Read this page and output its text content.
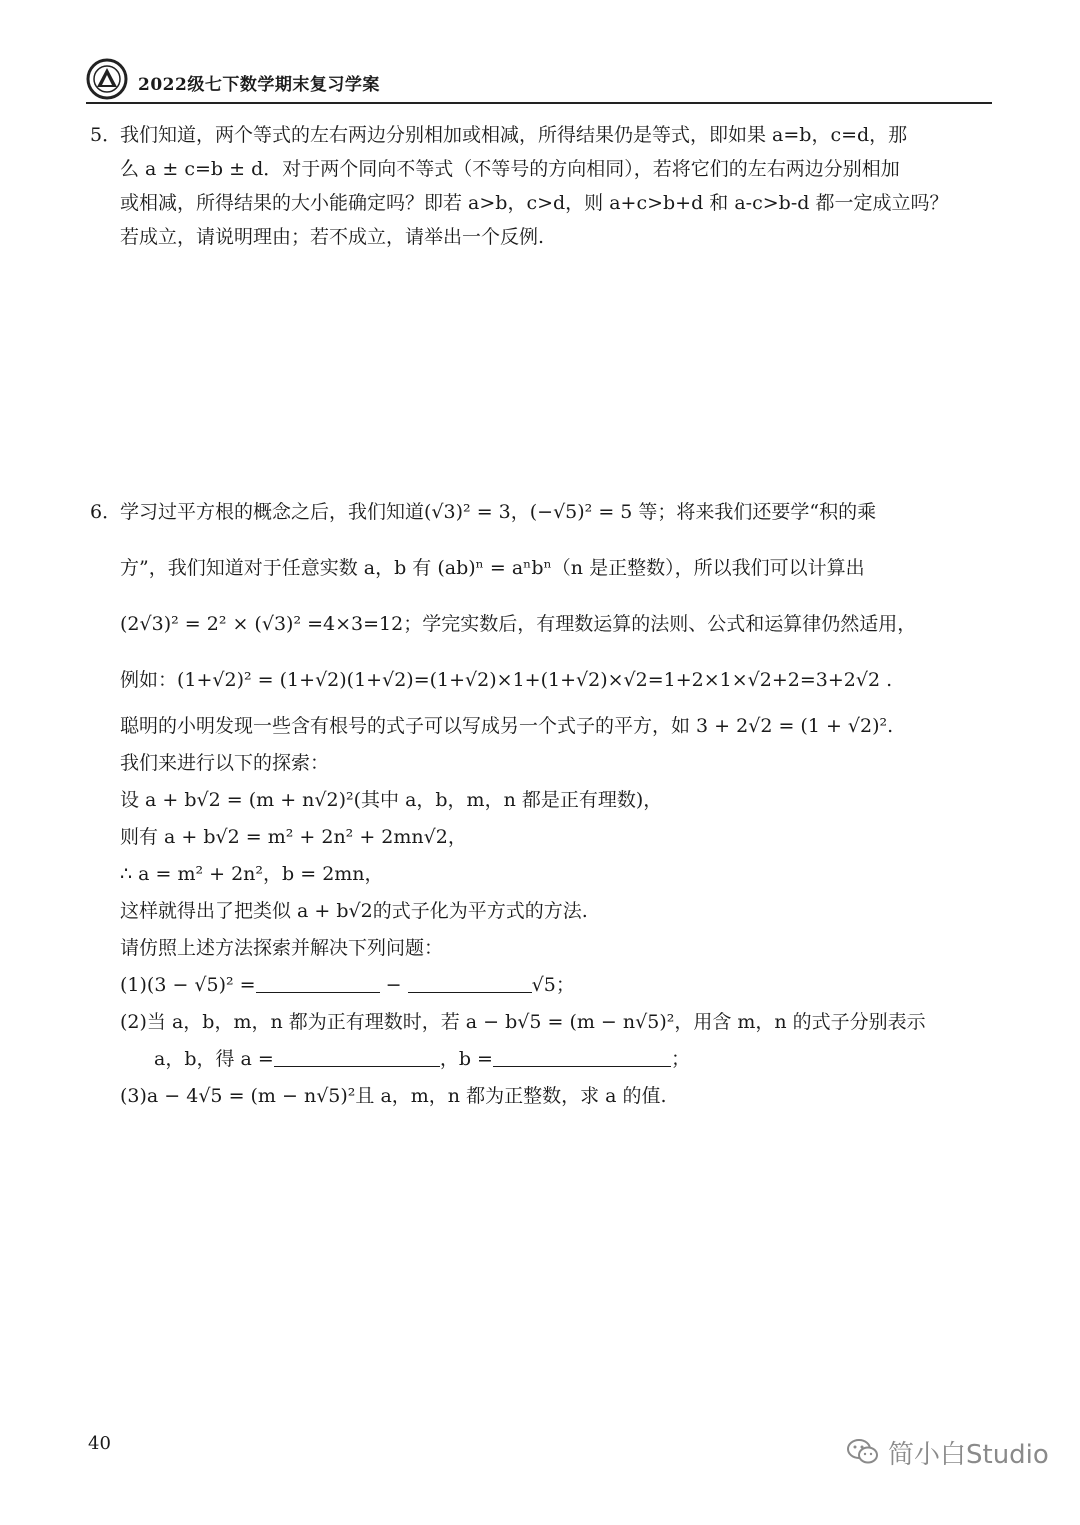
2022级七下数学期末复习学案
5．
我们知道，两个等式的左右两边分别相加或相减，所得结果仍是等式，即如果 a=b，c=d，那
么 a ± c=b ± d．对于两个同向不等式（不等号的方向相同），若将它们的左右两边分别相加
或相减，所得结果的大小能确定吗？即若 a>b，c>d，则 a+c>b+d 和 a-c>b-d 都一定成立吗？
若成立，请说明理由；若不成立，请举出一个反例.
6．
学习过平方根的概念之后，我们知道(√3)² = 3，(−√5)² = 5 等；将来我们还要学“积的乘
方”，我们知道对于任意实数 a，b 有 (ab)ⁿ = aⁿbⁿ（n 是正整数），所以我们可以计算出
(2√3)² = 2² × (√3)² =4×3=12；学完实数后，有理数运算的法则、公式和运算律仍然适用，
例如：(1+√2)² = (1+√2)(1+√2)=(1+√2)×1+(1+√2)×√2=1+2×1×√2+2=3+2√2 .
聪明的小明发现一些含有根号的式子可以写成另一个式子的平方，如 3 + 2√2 = (1 + √2)².
我们来进行以下的探索：
设 a + b√2 = (m + n√2)²(其中 a，b，m，n 都是正有理数)，
则有 a + b√2 = m² + 2n² + 2mn√2，
∴ a = m² + 2n²，b = 2mn，
这样就得出了把类似 a + b√2的式子化为平方式的方法.
请仿照上述方法探索并解决下列问题：
(1)(3 − √5)² =	−	√5；
(2)当 a，b，m，n 都为正有理数时，若 a − b√5 = (m − n√5)²，用含 m，n 的式子分别表示
a，b，得 a =	，b =	；
(3)a − 4√5 = (m − n√5)²且 a，m，n 都为正整数，求 a 的值.
40	简小白Studio
